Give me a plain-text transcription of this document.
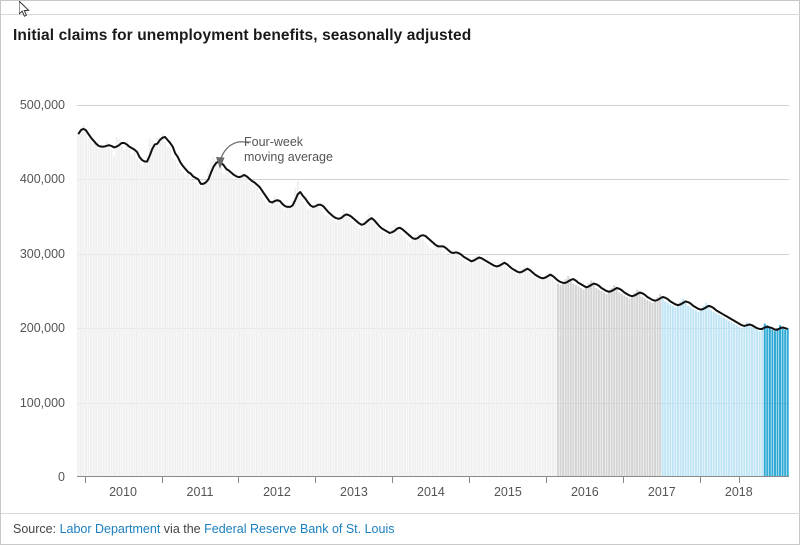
Initial claims for unemployment benefits, seasonally adjusted
500,000
400,000
300,000
200,000
100,000
0
Four-week
moving average
2010	2011	2012	2013	2014	2015	2016	2017	2018
Source: Labor Department via the Federal Reserve Bank of St. Louis
